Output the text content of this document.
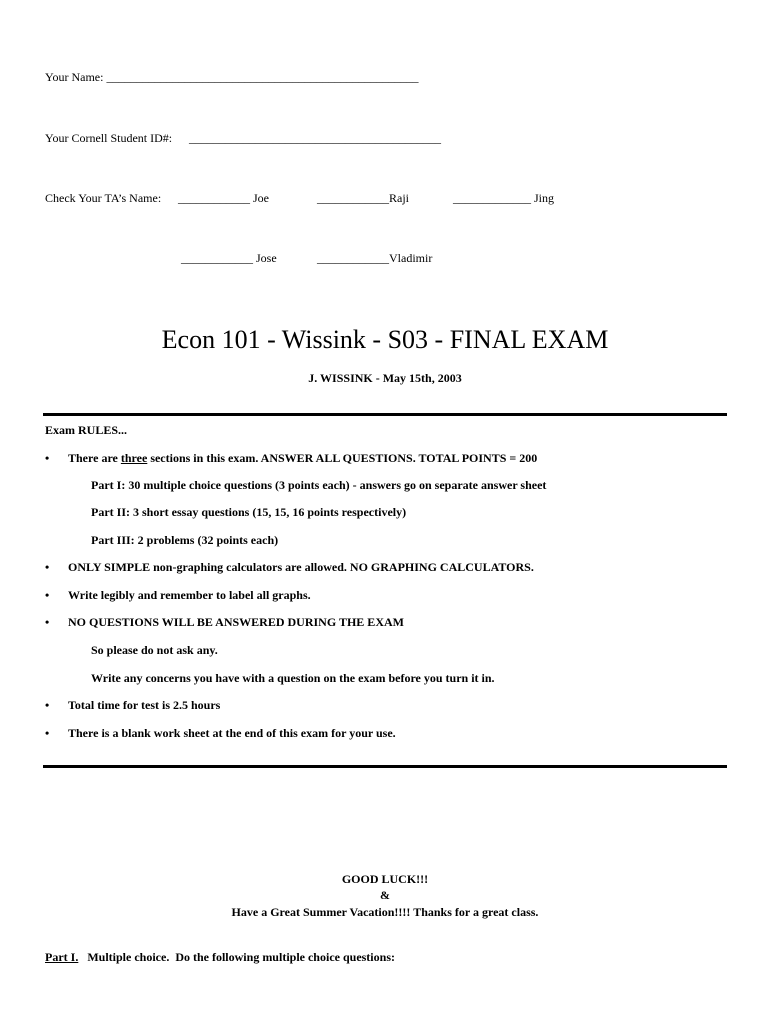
Your Name: ____________________________________________________
Your Cornell Student ID#: __________________________________________
Check Your TA’s Name: ____________ Joe	____________Raji	_____________ Jing
____________ Jose	____________Vladimir
Econ 101 - Wissink - S03 - FINAL EXAM
J. WISSINK - May 15th, 2003
Exam RULES...
• There are three sections in this exam. ANSWER ALL QUESTIONS. TOTAL POINTS = 200
Part I: 30 multiple choice questions (3 points each) - answers go on separate answer sheet
Part II: 3 short essay questions (15, 15, 16 points respectively)
Part III: 2 problems (32 points each)
• ONLY SIMPLE non-graphing calculators are allowed. NO GRAPHING CALCULATORS.
• Write legibly and remember to label all graphs.
• NO QUESTIONS WILL BE ANSWERED DURING THE EXAM
So please do not ask any.
Write any concerns you have with a question on the exam before you turn it in.
• Total time for test is 2.5 hours
• There is a blank work sheet at the end of this exam for your use.
GOOD LUCK!!!
&
Have a Great Summer Vacation!!!! Thanks for a great class.
Part I.   Multiple choice.  Do the following multiple choice questions:
